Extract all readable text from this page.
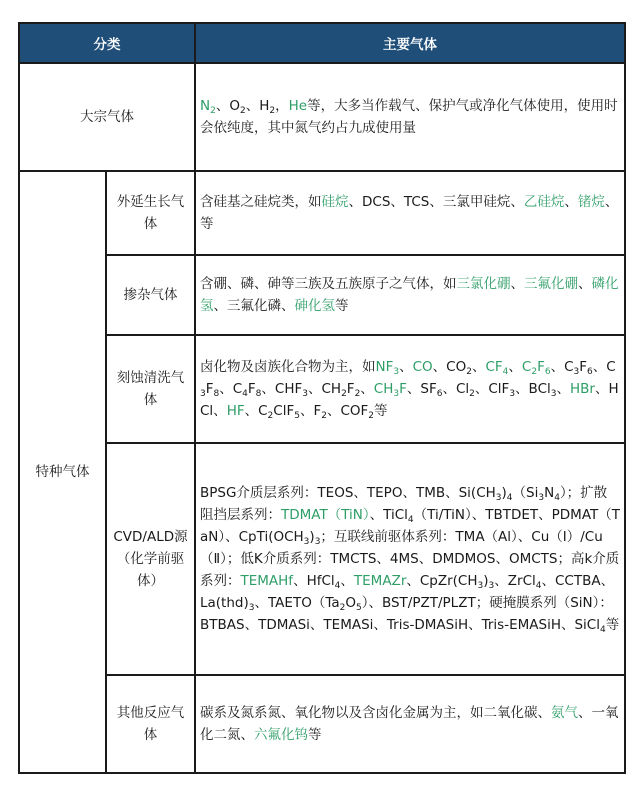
分类		主要气体
大宗气体		$N_2$、$O_2$、$H_2$，He等，大多当作载气、保护气或净化气体使用，使用时会依纯度，其中氮气约占九成使用量
特种气体	外延生长气体	含硅基之硅烷类，如硅烷、DCS、TCS、三氯甲硅烷、乙硅烷、锗烷、等
	掺杂气体	含硼、磷、砷等三族及五族原子之气体，如三氯化硼、三氟化硼、磷化氢、三氟化磷、砷化氢等
	刻蚀清洗气体	卤化物及卤族化合物为主，如$NF_3$、CO、$CO_2$、$CF_4$、$C_2F_6$、$C_3F_6$、$C_3F_8$、$C_4F_8$、$CHF_3$、$CH_2F_2$、$CH_3F$、$SF_6$、$Cl_2$、ClF$_3$、BCl$_3$、HBr、HCl、HF、$C_2ClF_5$、$F_2$、$COF_2$等
	CVD/ALD源（化学前驱体）	BPSG介质层系列：TEOS、TEPO、TMB、$Si(CH_3)_4(Si_3N_4)$；扩散阻挡层系列：TDMAT（TiN）、TiCl$_4$（Ti/TiN）、TBTDET、PDMAT（TaN）、$CpTi(OCH_3)_3$；互联线前驱体系列：TMA（Al）、Cu（Ⅰ）/Cu（Ⅱ）；低K介质系列：TMCTS、4MS、DMDMOS、OMCTS；高k介质系列：TEMAHf、HfCl$_4$、TEMAZr、$CpZr(CH_3)_3$、ZrCl$_4$、CCTBA、$La(thd)_3$、$TAETO(Ta_2O_5)$、BST/PZT/PLZT；硬掩膜系列（SiN）：BTBAS、TDMASi、TEMASi、Tris-DMASiH、Tris-EMASiH、SiCl$_4$等
	其他反应气体	碳系及氮系氮、氧化物以及含卤化金属为主，如二氧化碳、氨气、一氧化二氮、六氟化钨等
